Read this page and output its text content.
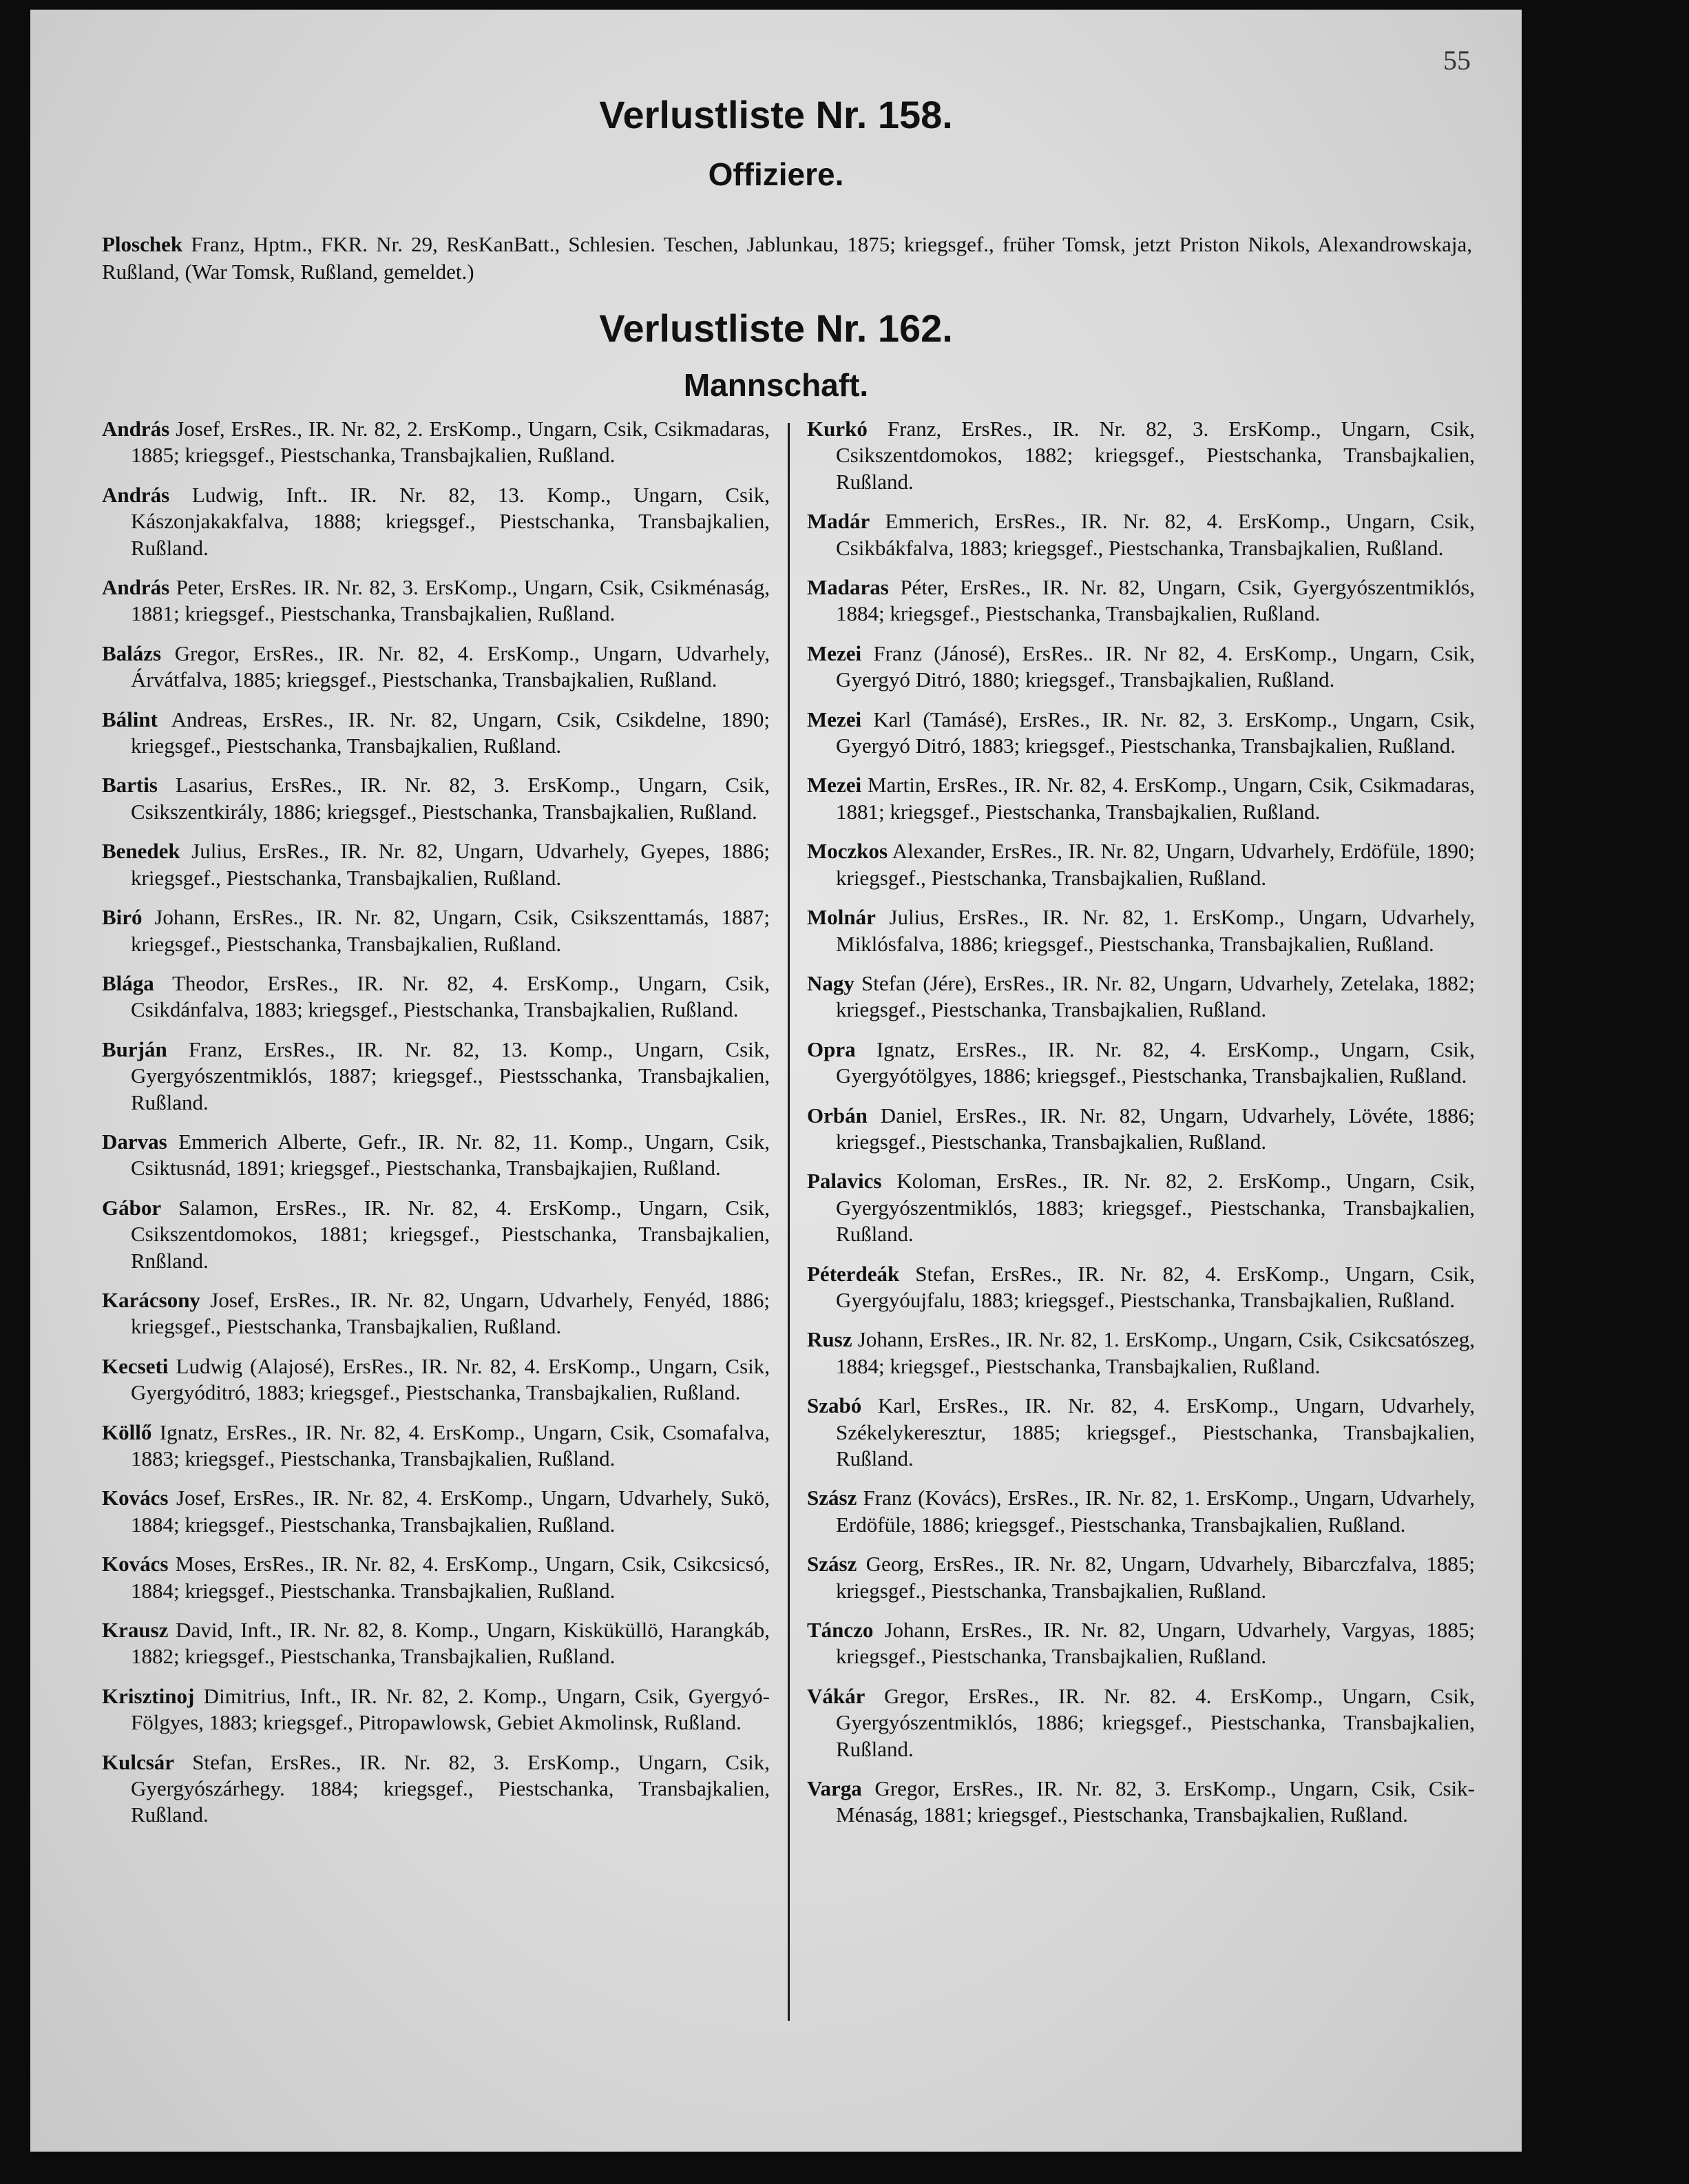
55
Verlustliste Nr. 158.
Offiziere.

Ploschek Franz, Hptm., FKR. Nr. 29, ResKanBatt., Schlesien. Teschen, Jablunkau, 1875; kriegsgef., früher Tomsk, jetzt Priston Nikols, Alexandrowskaja, Rußland, (War Tomsk, Rußland, gemeldet.)

Verlustliste Nr. 162.
Mannschaft.

András Josef, ErsRes., IR. Nr. 82, 2. ErsKomp., Ungarn, Csik, Csikmadaras, 1885; kriegsgef., Piestschanka, Transbajkalien, Rußland.

András Ludwig, Inft.. IR. Nr. 82, 13. Komp., Ungarn, Csik, Kászonjakakfalva, 1888; kriegsgef., Piestschanka, Transbajkalien, Rußland.

András Peter, ErsRes. IR. Nr. 82, 3. ErsKomp., Ungarn, Csik, Csikménaság, 1881; kriegsgef., Piestschanka, Transbajkalien, Rußland.

Balázs Gregor, ErsRes., IR. Nr. 82, 4. ErsKomp., Ungarn, Udvarhely, Árvátfalva, 1885; kriegsgef., Piestschanka, Transbajkalien, Rußland.

Bálint Andreas, ErsRes., IR. Nr. 82, Ungarn, Csik, Csikdelne, 1890; kriegsgef., Piestschanka, Transbajkalien, Rußland.

Bartis Lasarius, ErsRes., IR. Nr. 82, 3. ErsKomp., Ungarn, Csik, Csikszentkirály, 1886; kriegsgef., Piestschanka, Transbajkalien, Rußland.

Benedek Julius, ErsRes., IR. Nr. 82, Ungarn, Udvarhely, Gyepes, 1886; kriegsgef., Piestschanka, Transbajkalien, Rußland.

Biró Johann, ErsRes., IR. Nr. 82, Ungarn, Csik, Csikszenttamás, 1887; kriegsgef., Piestschanka, Transbajkalien, Rußland.

Blága Theodor, ErsRes., IR. Nr. 82, 4. ErsKomp., Ungarn, Csik, Csikdánfalva, 1883; kriegsgef., Piestschanka, Transbajkalien, Rußland.

Burján Franz, ErsRes., IR. Nr. 82, 13. Komp., Ungarn, Csik, Gyergyószentmiklós, 1887; kriegsgef., Piestsschanka, Transbajkalien, Rußland.

Darvas Emmerich Alberte, Gefr., IR. Nr. 82, 11. Komp., Ungarn, Csik, Csiktusnád, 1891; kriegsgef., Piestschanka, Transbajkajien, Rußland.

Gábor Salamon, ErsRes., IR. Nr. 82, 4. ErsKomp., Ungarn, Csik, Csikszentdomokos, 1881; kriegsgef., Piestschanka, Transbajkalien, Rnßland.

Karácsony Josef, ErsRes., IR. Nr. 82, Ungarn, Udvarhely, Fenyéd, 1886; kriegsgef., Piestschanka, Transbajkalien, Rußland.

Kecseti Ludwig (Alajosé), ErsRes., IR. Nr. 82, 4. ErsKomp., Ungarn, Csik, Gyergyóditró, 1883; kriegsgef., Piestschanka, Transbajkalien, Rußland.

Köllő Ignatz, ErsRes., IR. Nr. 82, 4. ErsKomp., Ungarn, Csik, Csomafalva, 1883; kriegsgef., Piestschanka, Transbajkalien, Rußland.

Kovács Josef, ErsRes., IR. Nr. 82, 4. ErsKomp., Ungarn, Udvarhely, Sukö, 1884; kriegsgef., Piestschanka, Transbajkalien, Rußland.

Kovács Moses, ErsRes., IR. Nr. 82, 4. ErsKomp., Ungarn, Csik, Csikcsicsó, 1884; kriegsgef., Piestschanka. Transbajkalien, Rußland.

Krausz David, Inft., IR. Nr. 82, 8. Komp., Ungarn, Kisküküllö, Harangkáb, 1882; kriegsgef., Piestschanka, Transbajkalien, Rußland.

Krisztinoj Dimitrius, Inft., IR. Nr. 82, 2. Komp., Ungarn, Csik, Gyergyó-Fölgyes, 1883; kriegsgef., Pitropawlowsk, Gebiet Akmolinsk, Rußland.

Kulcsár Stefan, ErsRes., IR. Nr. 82, 3. ErsKomp., Ungarn, Csik, Gyergyószárhegy. 1884; kriegsgef., Piestschanka, Transbajkalien, Rußland.

Kurkó Franz, ErsRes., IR. Nr. 82, 3. ErsKomp., Ungarn, Csik, Csikszentdomokos, 1882; kriegsgef., Piestschanka, Transbajkalien, Rußland.

Madár Emmerich, ErsRes., IR. Nr. 82, 4. ErsKomp., Ungarn, Csik, Csikbákfalva, 1883; kriegsgef., Piestschanka, Transbajkalien, Rußland.

Madaras Péter, ErsRes., IR. Nr. 82, Ungarn, Csik, Gyergyószentmiklós, 1884; kriegsgef., Piestschanka, Transbajkalien, Rußland.

Mezei Franz (Jánosé), ErsRes.. IR. Nr 82, 4. ErsKomp., Ungarn, Csik, Gyergyó Ditró, 1880; kriegsgef., Transbajkalien, Rußland.

Mezei Karl (Tamásé), ErsRes., IR. Nr. 82, 3. ErsKomp., Ungarn, Csik, Gyergyó Ditró, 1883; kriegsgef., Piestschanka, Transbajkalien, Rußland.

Mezei Martin, ErsRes., IR. Nr. 82, 4. ErsKomp., Ungarn, Csik, Csikmadaras, 1881; kriegsgef., Piestschanka, Transbajkalien, Rußland.

Moczkos Alexander, ErsRes., IR. Nr. 82, Ungarn, Udvarhely, Erdöfüle, 1890; kriegsgef., Piestschanka, Transbajkalien, Rußland.

Molnár Julius, ErsRes., IR. Nr. 82, 1. ErsKomp., Ungarn, Udvarhely, Miklósfalva, 1886; kriegsgef., Piestschanka, Transbajkalien, Rußland.

Nagy Stefan (Jére), ErsRes., IR. Nr. 82, Ungarn, Udvarhely, Zetelaka, 1882; kriegsgef., Piestschanka, Transbajkalien, Rußland.

Opra Ignatz, ErsRes., IR. Nr. 82, 4. ErsKomp., Ungarn, Csik, Gyergyótölgyes, 1886; kriegsgef., Piestschanka, Transbajkalien, Rußland.

Orbán Daniel, ErsRes., IR. Nr. 82, Ungarn, Udvarhely, Lövéte, 1886; kriegsgef., Piestschanka, Transbajkalien, Rußland.

Palavics Koloman, ErsRes., IR. Nr. 82, 2. ErsKomp., Ungarn, Csik, Gyergyószentmiklós, 1883; kriegsgef., Piestschanka, Transbajkalien, Rußland.

Péterdeák Stefan, ErsRes., IR. Nr. 82, 4. ErsKomp., Ungarn, Csik, Gyergyóujfalu, 1883; kriegsgef., Piestschanka, Transbajkalien, Rußland.

Rusz Johann, ErsRes., IR. Nr. 82, 1. ErsKomp., Ungarn, Csik, Csikcsatószeg, 1884; kriegsgef., Piestschanka, Transbajkalien, Rußland.

Szabó Karl, ErsRes., IR. Nr. 82, 4. ErsKomp., Ungarn, Udvarhely, Székelykeresztur, 1885; kriegsgef., Piestschanka, Transbajkalien, Rußland.

Szász Franz (Kovács), ErsRes., IR. Nr. 82, 1. ErsKomp., Ungarn, Udvarhely, Erdöfüle, 1886; kriegsgef., Piestschanka, Transbajkalien, Rußland.

Szász Georg, ErsRes., IR. Nr. 82, Ungarn, Udvarhely, Bibarczfalva, 1885; kriegsgef., Piestschanka, Transbajkalien, Rußland.

Tánczo Johann, ErsRes., IR. Nr. 82, Ungarn, Udvarhely, Vargyas, 1885; kriegsgef., Piestschanka, Transbajkalien, Rußland.

Vákár Gregor, ErsRes., IR. Nr. 82. 4. ErsKomp., Ungarn, Csik, Gyergyószentmiklós, 1886; kriegsgef., Piestschanka, Transbajkalien, Rußland.

Varga Gregor, ErsRes., IR. Nr. 82, 3. ErsKomp., Ungarn, Csik, Csik-Ménaság, 1881; kriegsgef., Piestschanka, Transbajkalien, Rußland.
